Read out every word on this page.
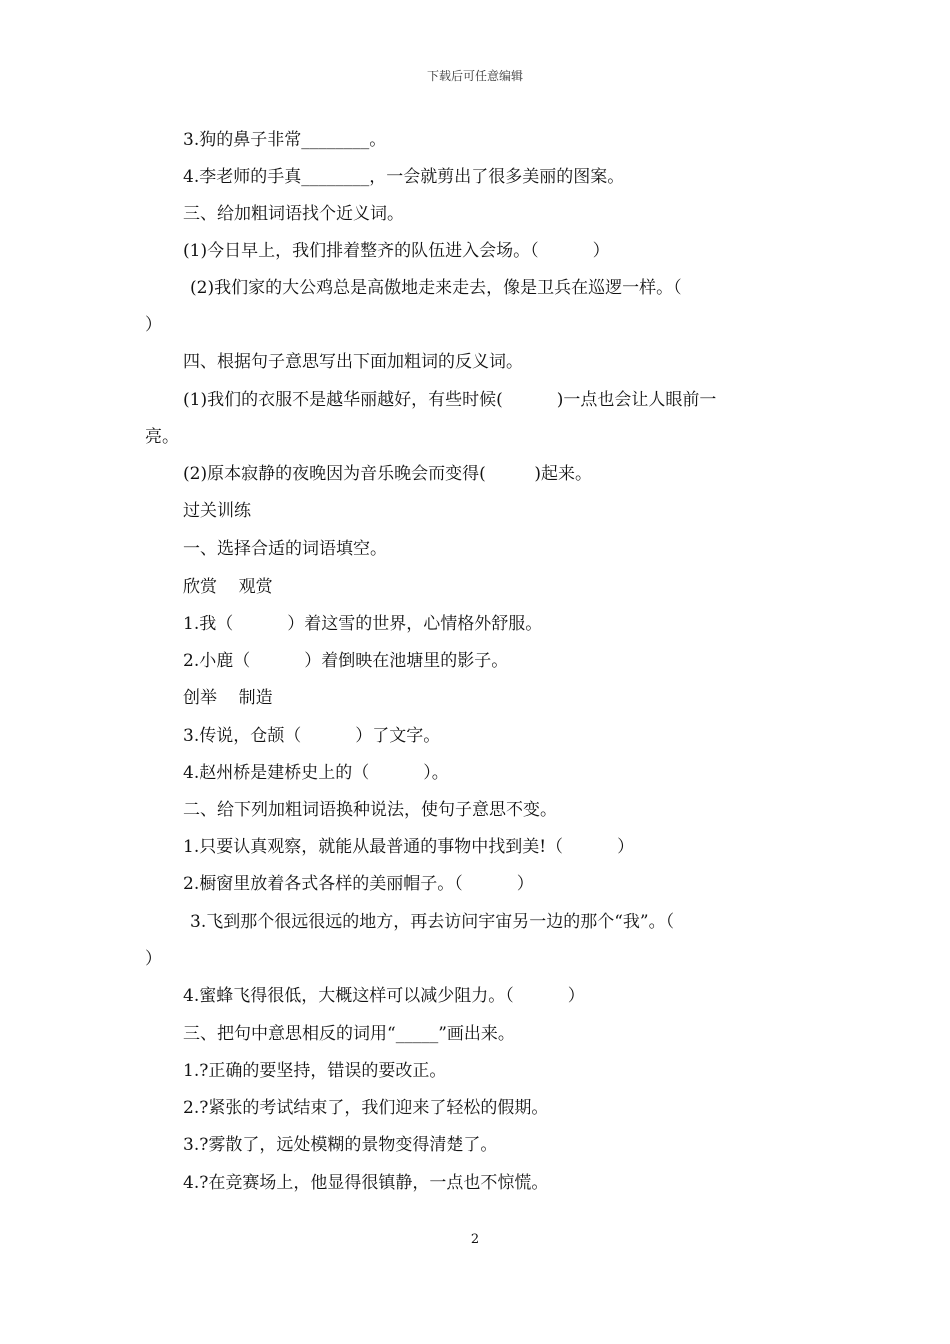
下载后可任意编辑
3.狗的鼻子非常________。
4.李老师的手真________，一会就剪出了很多美丽的图案。
三、给加粗词语找个近义词。
(1)今日早上，我们排着整齐的队伍进入会场。（          ）
(2)我们家的大公鸡总是高傲地走来走去，像是卫兵在巡逻一样。（
）
四、根据句子意思写出下面加粗词的反义词。
(1)我们的衣服不是越华丽越好，有些时候(          )一点也会让人眼前一
亮。
(2)原本寂静的夜晚因为音乐晚会而变得(         )起来。
过关训练
一、选择合适的词语填空。
欣赏    观赏
1.我（          ）着这雪的世界，心情格外舒服。
2.小鹿（          ）着倒映在池塘里的影子。
创举    制造
3.传说，仓颉（          ）了文字。
4.赵州桥是建桥史上的（          ）。
二、给下列加粗词语换种说法，使句子意思不变。
1.只要认真观察，就能从最普通的事物中找到美!（          ）
2.橱窗里放着各式各样的美丽帽子。（          ）
3.飞到那个很远很远的地方，再去访问宇宙另一边的那个“我”。（
）
4.蜜蜂飞得很低，大概这样可以减少阻力。（          ）
三、把句中意思相反的词用“_____”画出来。
1.?正确的要坚持，错误的要改正。
2.?紧张的考试结束了，我们迎来了轻松的假期。
3.?雾散了，远处模糊的景物变得清楚了。
4.?在竞赛场上，他显得很镇静，一点也不惊慌。
2
